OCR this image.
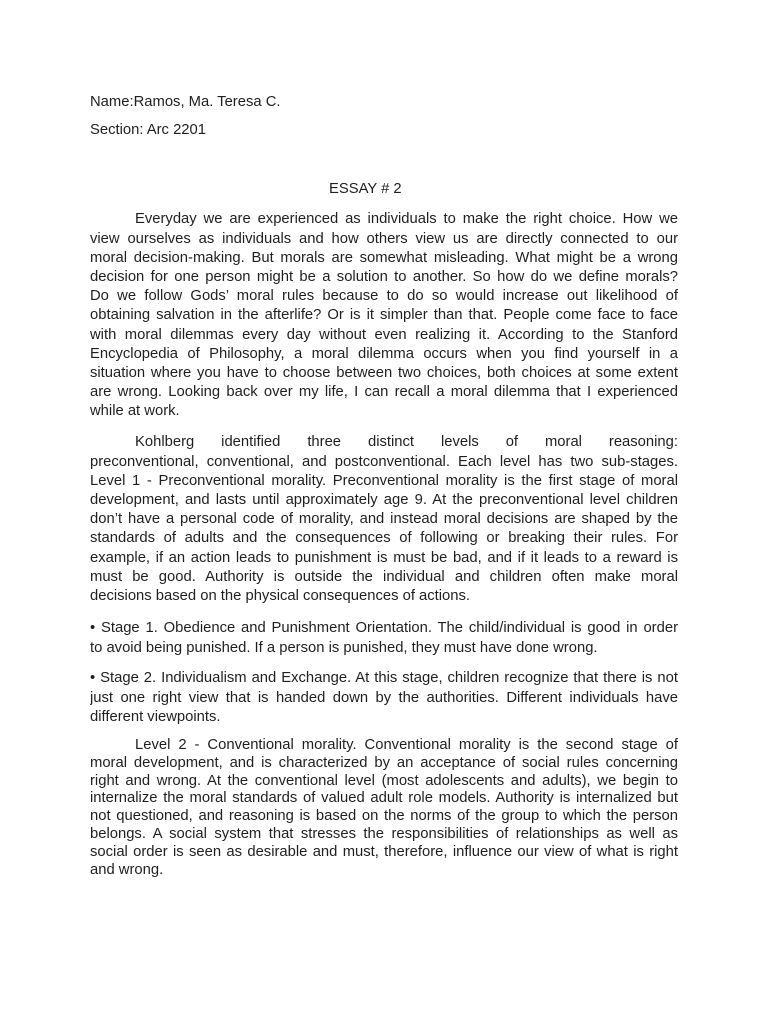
Name:Ramos, Ma. Teresa C.
Section: Arc 2201
ESSAY # 2
Everyday we are experienced as individuals to make the right choice. How we
view ourselves as individuals and how others view us are directly connected to our
moral decision-making. But morals are somewhat misleading. What might be a wrong
decision for one person might be a solution to another. So how do we define morals?
Do we follow Gods’ moral rules because to do so would increase out likelihood of
obtaining salvation in the afterlife? Or is it simpler than that. People come face to face
with moral dilemmas every day without even realizing it. According to the Stanford
Encyclopedia of Philosophy, a moral dilemma occurs when you find yourself in a
situation where you have to choose between two choices, both choices at some extent
are wrong. Looking back over my life, I can recall a moral dilemma that I experienced
while at work.
Kohlberg identified three distinct levels of moral reasoning:
preconventional, conventional, and postconventional. Each level has two sub-stages.
Level 1 - Preconventional morality. Preconventional morality is the first stage of moral
development, and lasts until approximately age 9. At the preconventional level children
don’t have a personal code of morality, and instead moral decisions are shaped by the
standards of adults and the consequences of following or breaking their rules. For
example, if an action leads to punishment is must be bad, and if it leads to a reward is
must be good. Authority is outside the individual and children often make moral
decisions based on the physical consequences of actions.
• Stage 1. Obedience and Punishment Orientation. The child/individual is good in order
to avoid being punished. If a person is punished, they must have done wrong.
• Stage 2. Individualism and Exchange. At this stage, children recognize that there is not
just one right view that is handed down by the authorities. Different individuals have
different viewpoints.
Level 2 - Conventional morality. Conventional morality is the second stage of
moral development, and is characterized by an acceptance of social rules concerning
right and wrong. At the conventional level (most adolescents and adults), we begin to
internalize the moral standards of valued adult role models. Authority is internalized but
not questioned, and reasoning is based on the norms of the group to which the person
belongs. A social system that stresses the responsibilities of relationships as well as
social order is seen as desirable and must, therefore, influence our view of what is right
and wrong.
